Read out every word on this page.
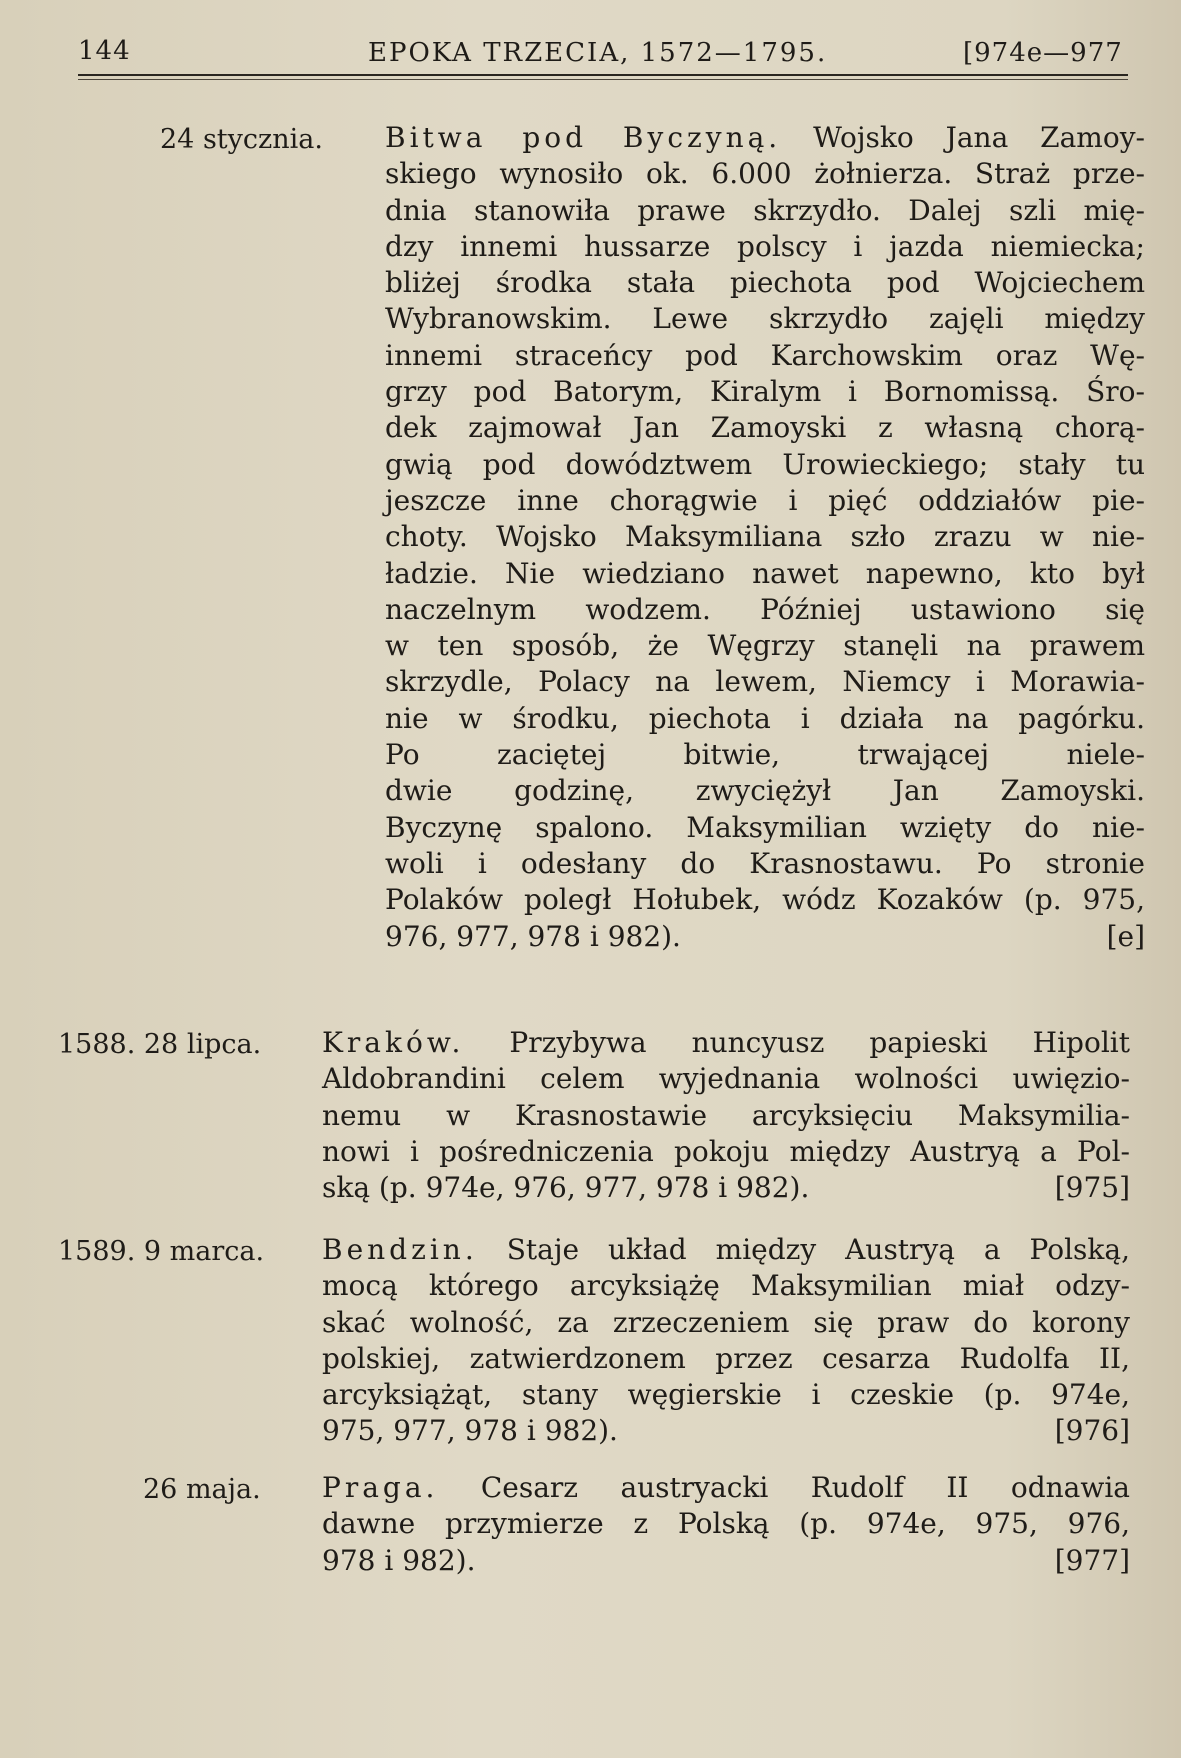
144	EPOKA TRZECIA, 1572—1795.	[974e—977
24 stycznia. Bitwa pod Byczyną. Wojsko Jana Zamoy-
skiego wynosiło ok. 6.000 żołnierza. Straż prze-
dnia stanowiła prawe skrzydło. Dalej szli mię-
dzy innemi hussarze polscy i jazda niemiecka;
bliżej środka stała piechota pod Wojciechem
Wybranowskim. Lewe skrzydło zajęli między
innemi straceńcy pod Karchowskim oraz Wę-
grzy pod Batorym, Kiralym i Bornomissą. Śro-
dek zajmował Jan Zamoyski z własną chorą-
gwią pod dowództwem Urowieckiego; stały tu
jeszcze inne chorągwie i pięć oddziałów pie-
choty. Wojsko Maksymiliana szło zrazu w nie-
ładzie. Nie wiedziano nawet napewno, kto był
naczelnym wodzem. Później ustawiono się
w ten sposób, że Węgrzy stanęli na prawem
skrzydle, Polacy na lewem, Niemcy i Morawia-
nie w środku, piechota i działa na pagórku.
Po zaciętej bitwie, trwającej niele-
dwie godzinę, zwyciężył Jan Zamoyski.
Byczynę spalono. Maksymilian wzięty do nie-
woli i odesłany do Krasnostawu. Po stronie
Polaków poległ Hołubek, wódz Kozaków (p. 975,
976, 977, 978 i 982).	[e]
1588. 28 lipca. Kraków. Przybywa nuncyusz papieski Hipolit
Aldobrandini celem wyjednania wolności uwięzio-
nemu w Krasnostawie arcyksięciu Maksymilia-
nowi i pośredniczenia pokoju między Austryą a Pol-
ską (p. 974e, 976, 977, 978 i 982).	[975]
1589. 9 marca. Bendzin. Staje układ między Austryą a Polską,
mocą którego arcyksiążę Maksymilian miał odzy-
skać wolność, za zrzeczeniem się praw do korony
polskiej, zatwierdzonem przez cesarza Rudolfa II,
arcyksiążąt, stany węgierskie i czeskie (p. 974e,
975, 977, 978 i 982).	[976]
26 maja. Praga. Cesarz austryacki Rudolf II odnawia
dawne przymierze z Polską (p. 974e, 975, 976,
978 i 982).	[977]
